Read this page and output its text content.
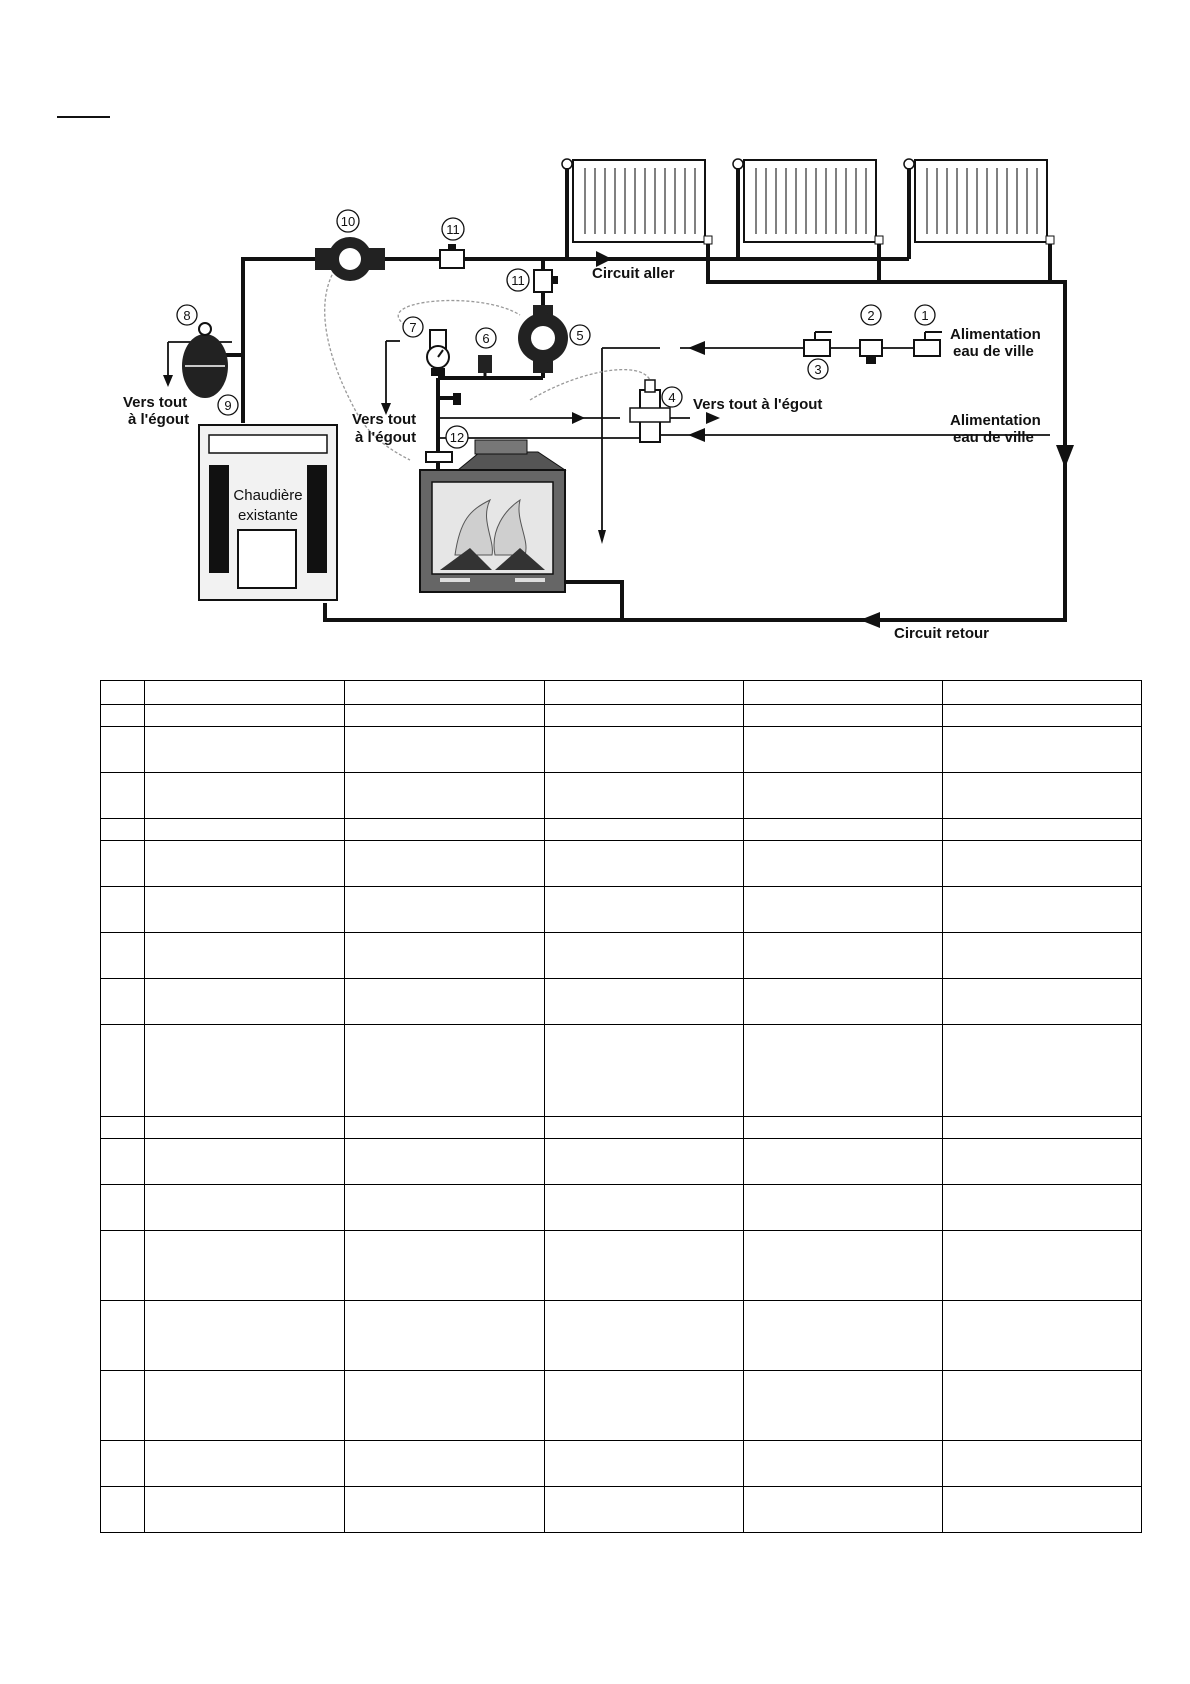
1
2
3
4
5
6
7
8
9
10
11
11
12
Circuit aller
Circuit retour
Alimentation
eau de ville
Alimentation
eau de ville
Vers tout à l'égout
Vers tout
à l'égout
Vers tout
à l'égout
Chaudière
existante
